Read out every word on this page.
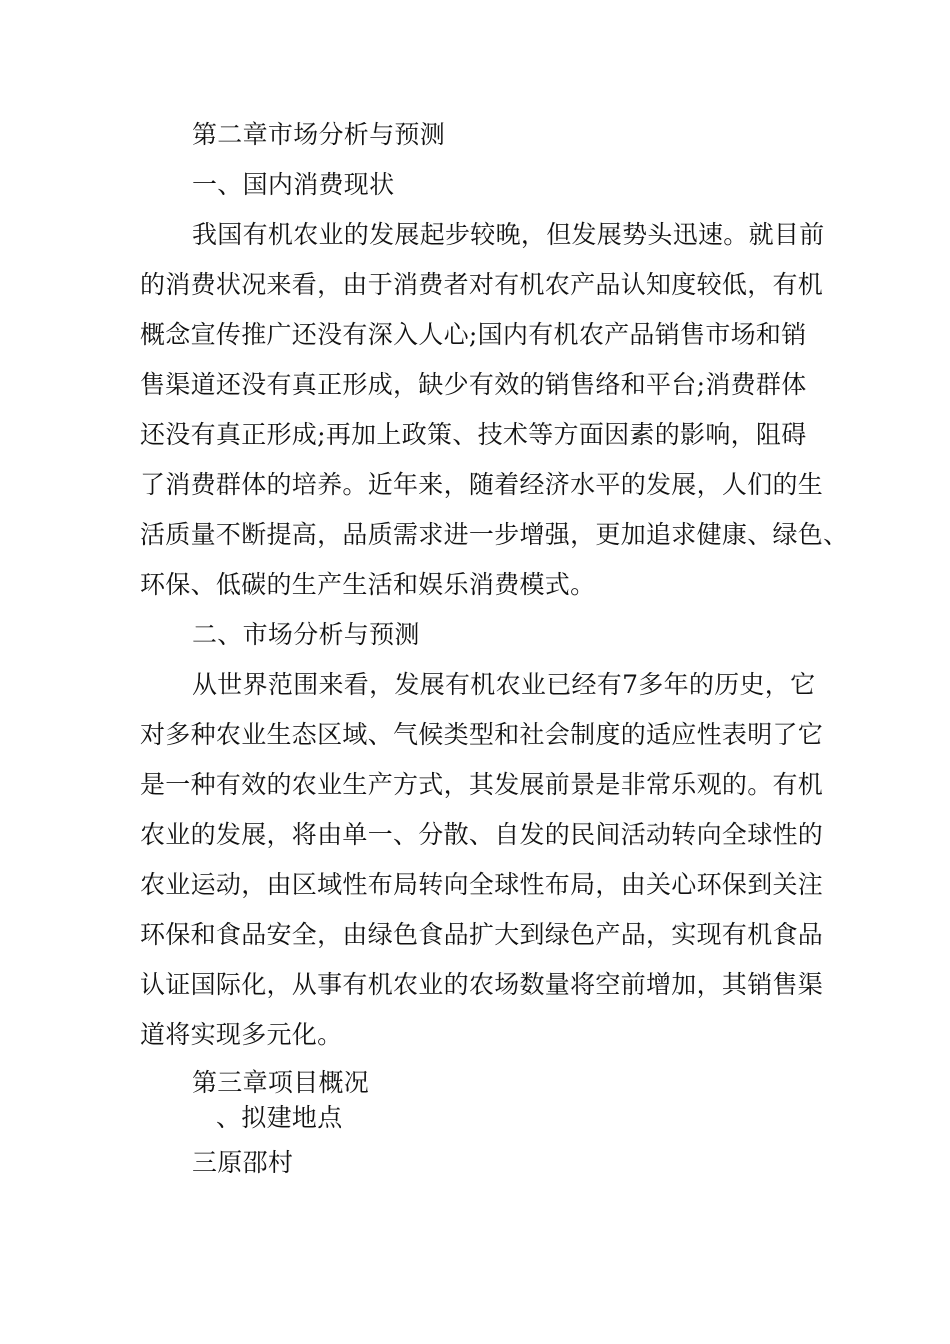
第二章市场分析与预测
一、国内消费现状
我国有机农业的发展起步较晚，但发展势头迅速。就目前
的消费状况来看，由于消费者对有机农产品认知度较低，有机
概念宣传推广还没有深入人心;国内有机农产品销售市场和销
售渠道还没有真正形成，缺少有效的销售络和平台;消费群体
还没有真正形成;再加上政策、技术等方面因素的影响，阻碍
了消费群体的培养。近年来，随着经济水平的发展，人们的生
活质量不断提高，品质需求进一步增强，更加追求健康、绿色、
环保、低碳的生产生活和娱乐消费模式。
二、市场分析与预测
从世界范围来看，发展有机农业已经有7多年的历史，它
对多种农业生态区域、气候类型和社会制度的适应性表明了它
是一种有效的农业生产方式，其发展前景是非常乐观的。有机
农业的发展，将由单一、分散、自发的民间活动转向全球性的
农业运动，由区域性布局转向全球性布局，由关心环保到关注
环保和食品安全，由绿色食品扩大到绿色产品，实现有机食品
认证国际化，从事有机农业的农场数量将空前增加，其销售渠
道将实现多元化。
第三章项目概况
、拟建地点
三原邵村
